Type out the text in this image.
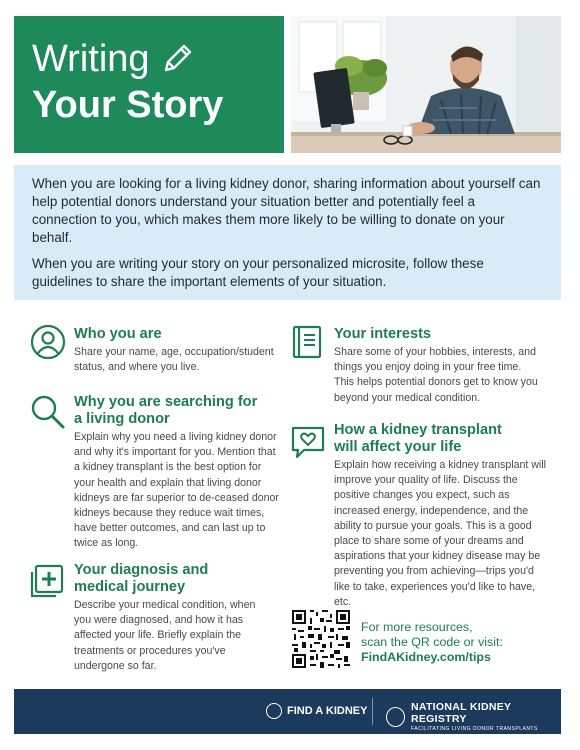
Writing
Your Story

When you are looking for a living kidney donor, sharing information about yourself can help potential donors understand your situation better and potentially feel a connection to you, which makes them more likely to be willing to donate on your behalf.

When you are writing your story on your personalized microsite, follow these guidelines to share the important elements of your situation.

Who you are
Share your name, age, occupation/student status, and where you live.
Why you are searching for
a living donor
Explain why you need a living kidney donor and why it's important for you. Mention that a kidney transplant is the best option for your health and explain that living donor kidneys are far superior to de-ceased donor kidneys because they reduce wait times, have better outcomes, and can last up to twice as long.
Your diagnosis and
medical journey
Describe your medical condition, when you were diagnosed, and how it has affected your life. Briefly explain the treatments or procedures you've undergone so far.
Your interests
Share some of your hobbies, interests, and things you enjoy doing in your free time. This helps potential donors get to know you beyond your medical condition.
How a kidney transplant
will affect your life
Explain how receiving a kidney transplant will improve your quality of life. Discuss the positive changes you expect, such as increased energy, independence, and the ability to pursue your goals. This is a good place to share some of your dreams and aspirations that your kidney disease may be preventing you from achieving—trips you'd like to take, experiences you'd like to have, etc.
For more resources,
scan the QR code or visit:
FindAKidney.com/tips
FIND A KIDNEY	NATIONAL KIDNEY REGISTRY
FACILITATING LIVING DONOR TRANSPLANTS
